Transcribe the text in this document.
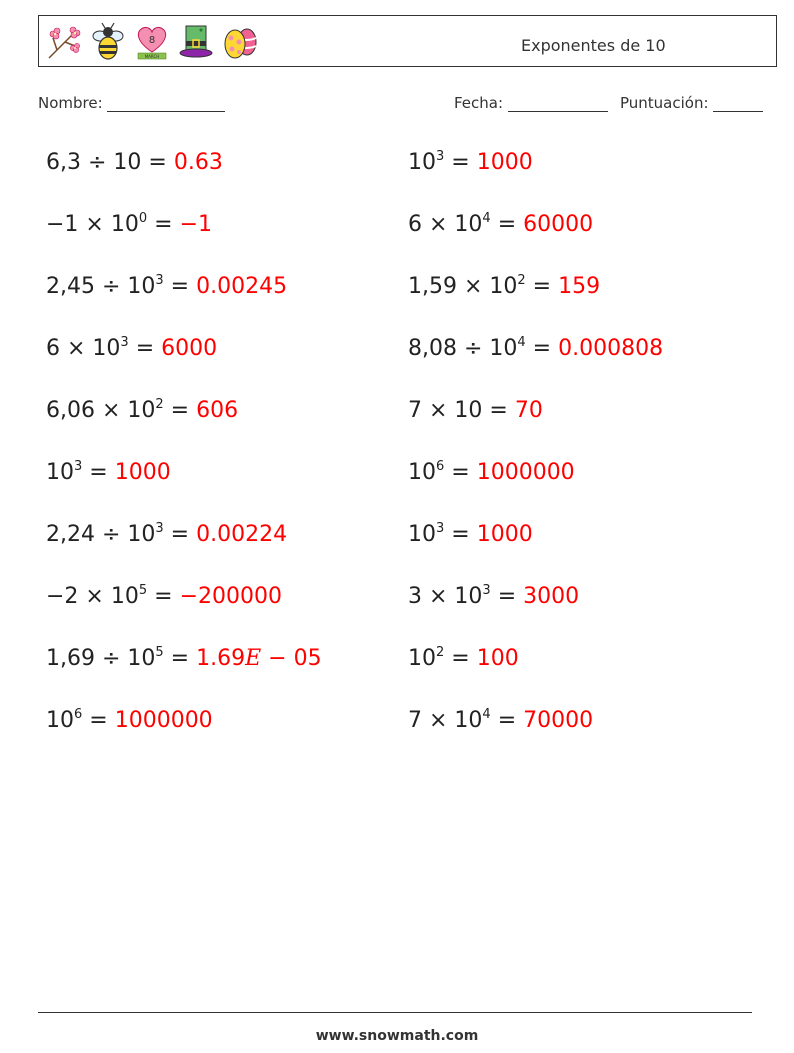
8
MARCH
Exponentes de 10
Nombre:	Fecha:	Puntuación:
6,3 ÷ 10 = 0.63	$10^3 = 1000$
$-1 \times 10^0 = -1$	$6 \times 10^4 = 60000$
$2,45 \div 10^3 = 0.00245$	$1,59 \times 10^2 = 159$
$6 \times 10^3 = 6000$	$8,08 \div 10^4 = 0.000808$
$6,06 \times 10^2 = 606$	7 × 10 = 70
$10^3 = 1000$	$10^6 = 1000000$
$2,24 \div 10^3 = 0.00224$	$10^3 = 1000$
$-2 \times 10^5 = -200000$	$3 \times 10^3 = 3000$
$1,69 \div 10^5 = 1.69E - 05$	$10^2 = 100$
$10^6 = 1000000$	$7 \times 10^4 = 70000$
www.snowmath.com
